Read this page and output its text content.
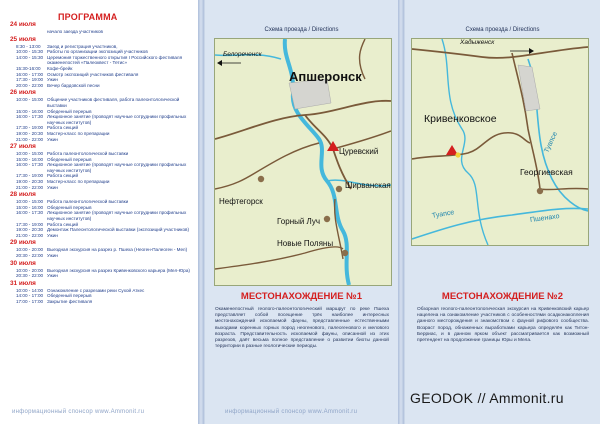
ПРОГРАММА
24 июля
начало заезда участников
25 июля
8:30 - 13:00	Заезд и регистрация участников,
10:00 - 15:30 Работы по организации экспозиций участников
14:00 - 15:30 Церемония торжественного открытия I Российского фестиваля окаменелостей «Палеоквест - Тетис»
15:30-16:00	Кофе-брейк
16:00 - 17:00 Осмотр экспозиций участников фестиваля
17:30 - 19:00 Ужин
20:00 - 22:00 Вечер бардовской песни
26 июля
10:00 - 15:00 Общение участников фестиваля, работа палеонтологической выставки
15:00 - 16:00 Обеденный перерыв
16:00 - 17:30 Лекционное занятие (проводят научные сотрудники профильных научных институтов)
17:30 - 19:00 Работа секций
19:00 - 20:30 Мастер-класс по препарации
21:00 - 22:00 Ужин
27 июля
10:00 - 15:00 Работа палеонтологической выставки
15:00 - 16:00 Обеденный перерыв
16:00 - 17:30 Лекционное занятие (проводят научные сотрудники профильных научных институтов)
17:30 - 19:00 Работа секций
19:00 - 20:30 Мастер-класс по препарации
21:00 - 22:00 Ужин
28 июля
10:00 - 15:00 Работа палеонтологической выставки
15:00 - 16:00 Обеденный перерыв
16:00 - 17:30 Лекционное занятие (проводят научные сотрудники профильных научных институтов)
17:30 - 19:00 Работа секций
19:00 - 20:30 Демонтаж Палеонтологической выставки (экспозиций участников)
21:00 - 22:00 Ужин
29 июля
10:00 - 20:00 Выездная экскурсия на разрез р. Пшеха (Неоген-Палеоген - Мел)
20:30 - 22:00 Ужин
30 июля
10:00 - 20:00 Выездная экскурсия на разрез Кривенковского карьера (Мел-Юра)
20:30 - 22:00 Ужин
31 июля
10:00 - 14:00 Ознакомление с разрезами реки Сухой Аткес
14:00 - 17:00 Обеденный перерыв
17:00 - 17:00 Закрытие фестиваля
информационный спонсор www.Ammonit.ru
Схема проезда / Directions
Белореченск
Апшеронск
Цуревский
Нефтегорск
Ширванская
Горный Луч
Новые Поляны
МЕСТОНАХОЖДЕНИЕ №1
Окаменелостный геолого-палеонтологический маршрут по реке Пшеха представляет собой посещение трёх наиболее интересных местонахождений ископаемой фауны, представленные естественными выходами коренных горных пород неогенового, палеогенового и мелового возраста. Представительность ископаемой фауны, описанной из этих разрезов, даёт весьма полное представление о развитии биоты данной территории в разные геологические периоды.
информационный спонсор www.Ammonit.ru
Схема проезда / Directions
Хадыженск
Кривенковское
Георгиевская
Туапсе
Туапсе	Пшенахо
МЕСТОНАХОЖДЕНИЕ №2
Обзорная геолого-палеонтологическая экскурсия на Кривенковский карьер нацелена на ознакомление участников с особенностями осадконакопления данного месторождения и знакомством с фауной рифового сообщества. Возраст пород, обнаженных выработками карьера определён как Титон-Берриас, и в данном ярком объект рассматривается как возможный претендент на продолжение границы Юры и Мела.
GEODOK // Ammonit.ru
